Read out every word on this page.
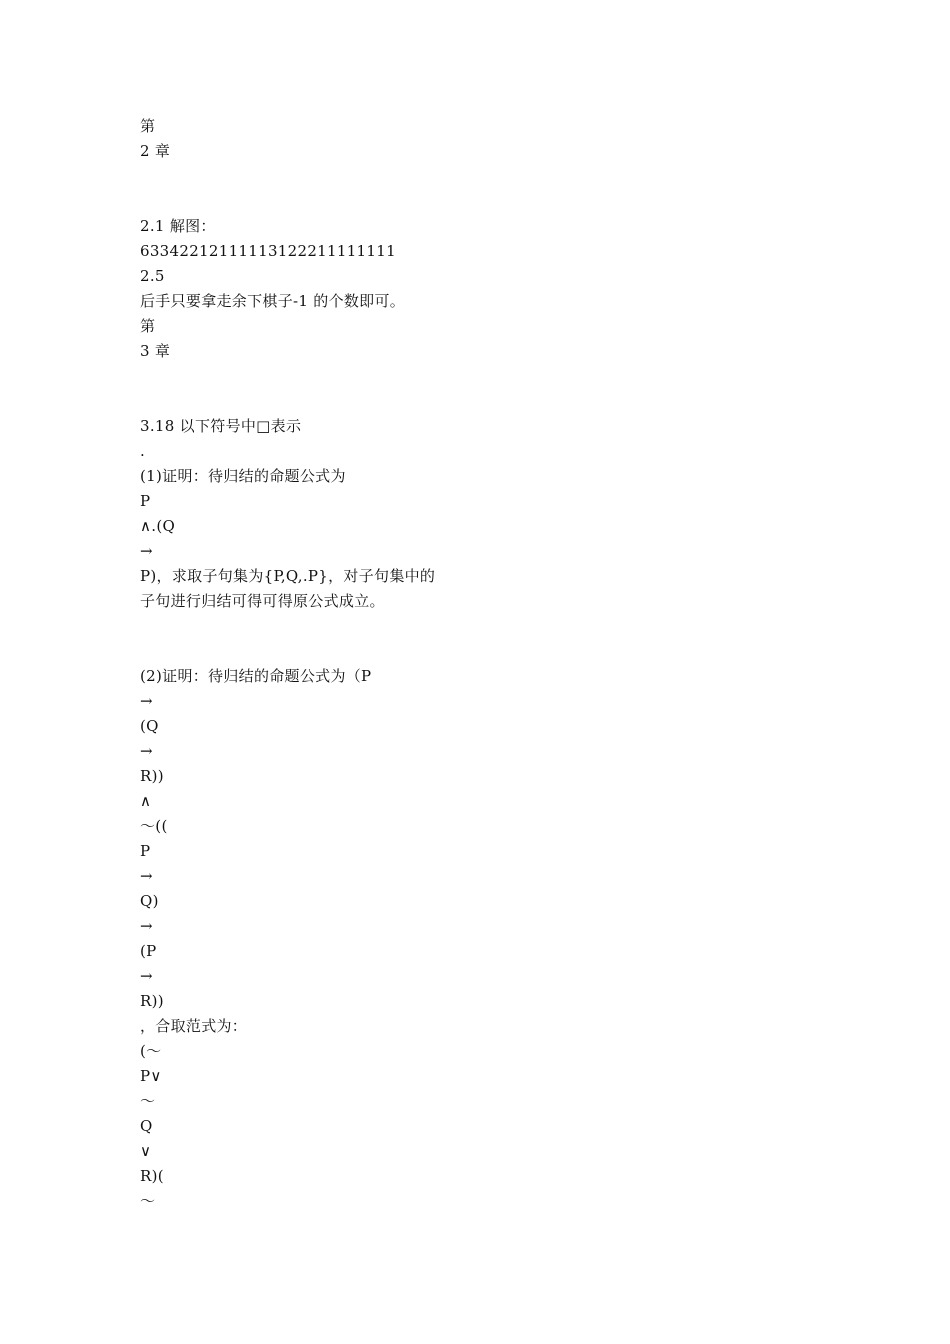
第
2 章
2.1 解图：
63342212111113122211111111
2.5
后手只要拿走余下棋子-1 的个数即可。
第
3 章
3.18 以下符号中□表示
.
(1)证明：待归结的命题公式为
P
∧.(Q
→
P)，求取子句集为{P,Q,.P}，对子句集中的
子句进行归结可得可得原公式成立。
(2)证明：待归结的命题公式为（P
→
(Q
→
R))
∧
～((
P
→
Q)
→
(P
→
R))
，合取范式为：
(～
P∨
～
Q
∨
R)(
～
